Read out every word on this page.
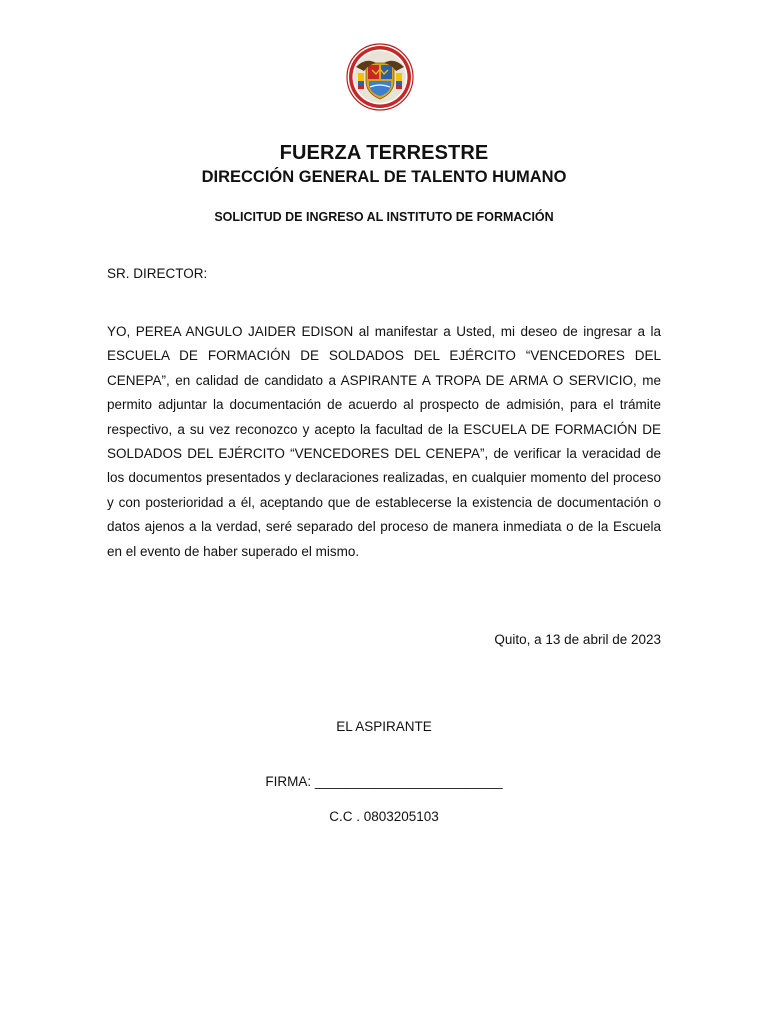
FUERZA TERRESTRE
DIRECCIÓN GENERAL DE TALENTO HUMANO
SOLICITUD DE INGRESO AL INSTITUTO DE FORMACIÓN
SR. DIRECTOR:
YO, PEREA ANGULO JAIDER EDISON al manifestar a Usted, mi deseo de ingresar a la ESCUELA DE FORMACIÓN DE SOLDADOS DEL EJÉRCITO “VENCEDORES DEL CENEPA”, en calidad de candidato a ASPIRANTE A TROPA DE ARMA O SERVICIO, me permito adjuntar la documentación de acuerdo al prospecto de admisión, para el trámite respectivo, a su vez reconozco y acepto la facultad de la ESCUELA DE FORMACIÓN DE SOLDADOS DEL EJÉRCITO “VENCEDORES DEL CENEPA”, de verificar la veracidad de los documentos presentados y declaraciones realizadas, en cualquier momento del proceso y con posterioridad a él, aceptando que de establecerse la existencia de documentación o datos ajenos a la verdad, seré separado del proceso de manera inmediata o de la Escuela en el evento de haber superado el mismo.
Quito, a 13 de abril de 2023
EL ASPIRANTE
FIRMA: _________________________
C.C . 0803205103
